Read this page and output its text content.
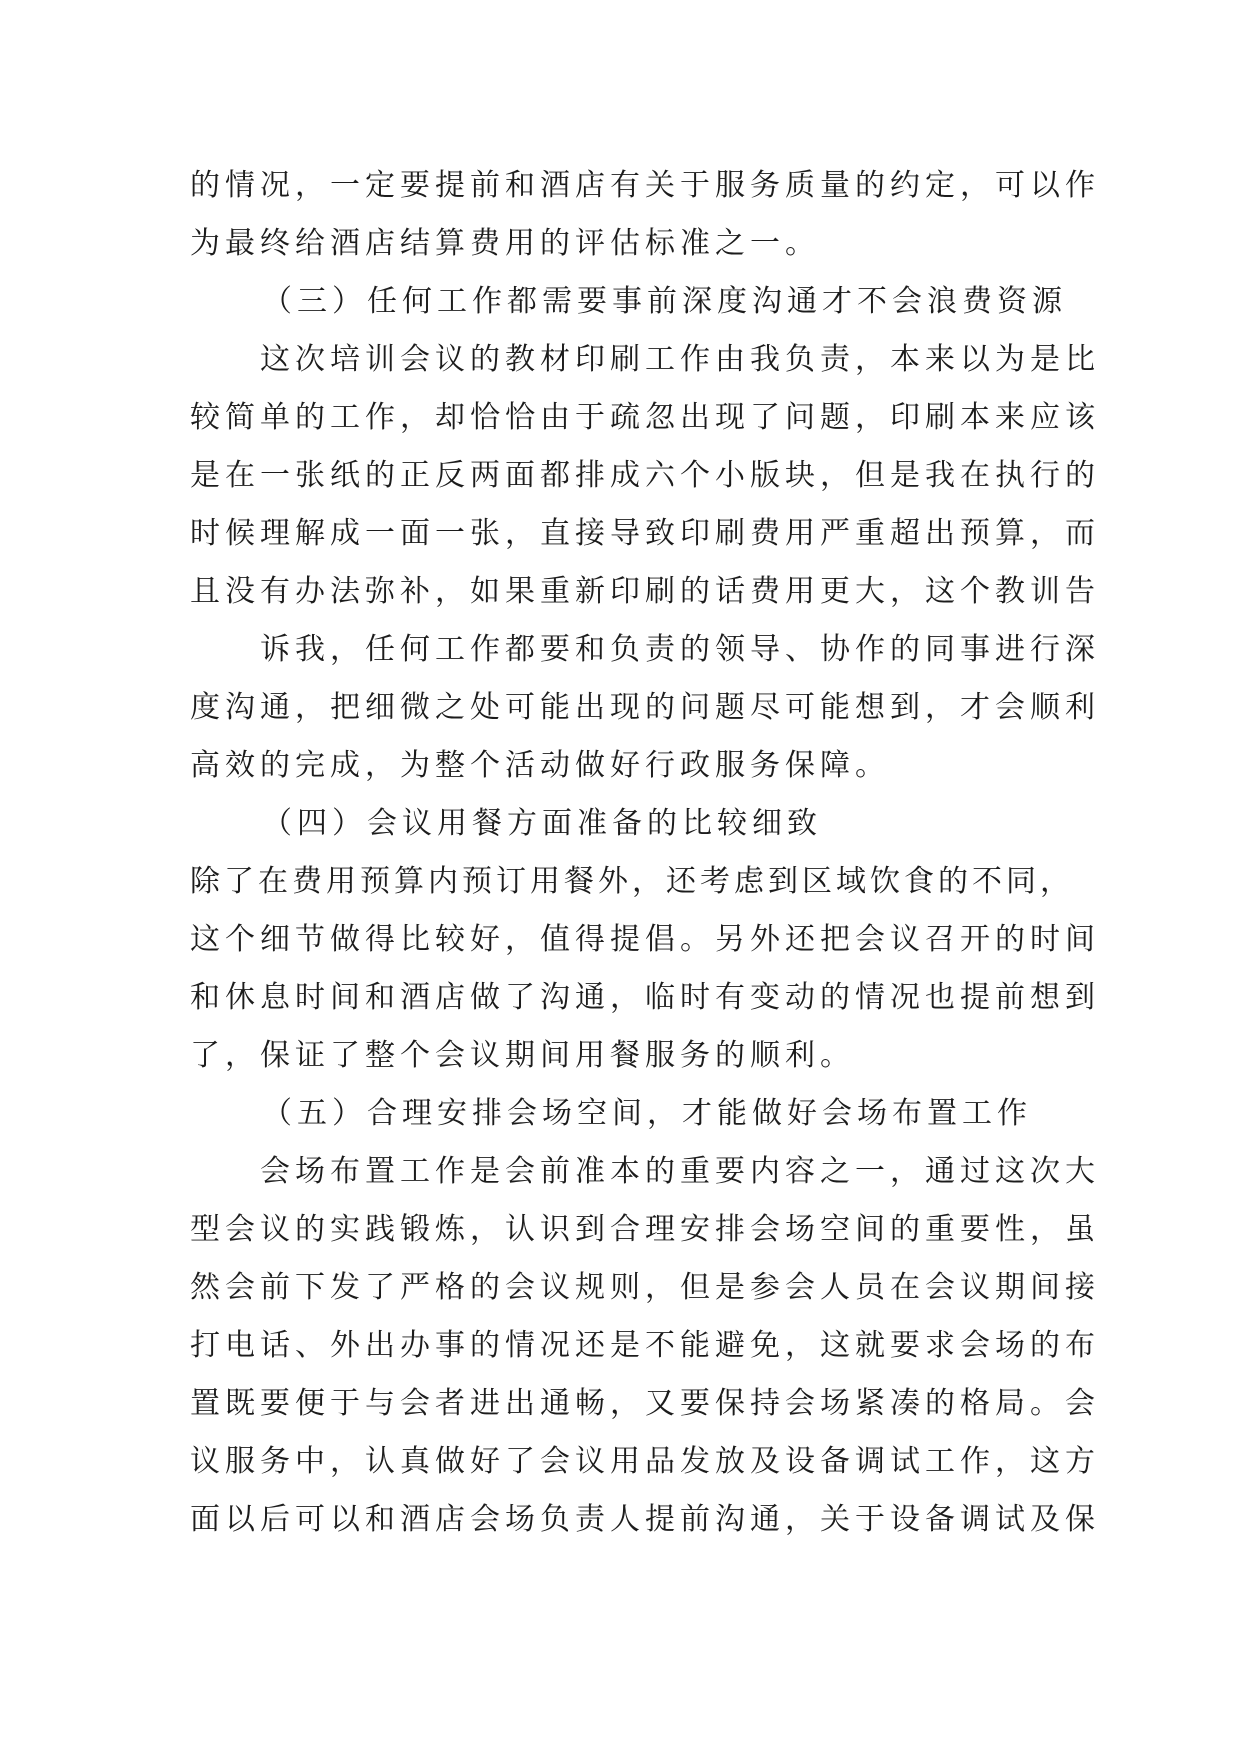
的情况，一定要提前和酒店有关于服务质量的约定，可以作
为最终给酒店结算费用的评估标准之一。
（三）任何工作都需要事前深度沟通才不会浪费资源
这次培训会议的教材印刷工作由我负责，本来以为是比
较简单的工作，却恰恰由于疏忽出现了问题，印刷本来应该
是在一张纸的正反两面都排成六个小版块，但是我在执行的
时候理解成一面一张，直接导致印刷费用严重超出预算，而
且没有办法弥补，如果重新印刷的话费用更大，这个教训告
诉我，任何工作都要和负责的领导、协作的同事进行深
度沟通，把细微之处可能出现的问题尽可能想到，才会顺利
高效的完成，为整个活动做好行政服务保障。
（四）会议用餐方面准备的比较细致
除了在费用预算内预订用餐外，还考虑到区域饮食的不同，
这个细节做得比较好，值得提倡。另外还把会议召开的时间
和休息时间和酒店做了沟通，临时有变动的情况也提前想到
了，保证了整个会议期间用餐服务的顺利。
（五）合理安排会场空间，才能做好会场布置工作
会场布置工作是会前准本的重要内容之一，通过这次大
型会议的实践锻炼，认识到合理安排会场空间的重要性，虽
然会前下发了严格的会议规则，但是参会人员在会议期间接
打电话、外出办事的情况还是不能避免，这就要求会场的布
置既要便于与会者进出通畅，又要保持会场紧凑的格局。会
议服务中，认真做好了会议用品发放及设备调试工作，这方
面以后可以和酒店会场负责人提前沟通，关于设备调试及保
